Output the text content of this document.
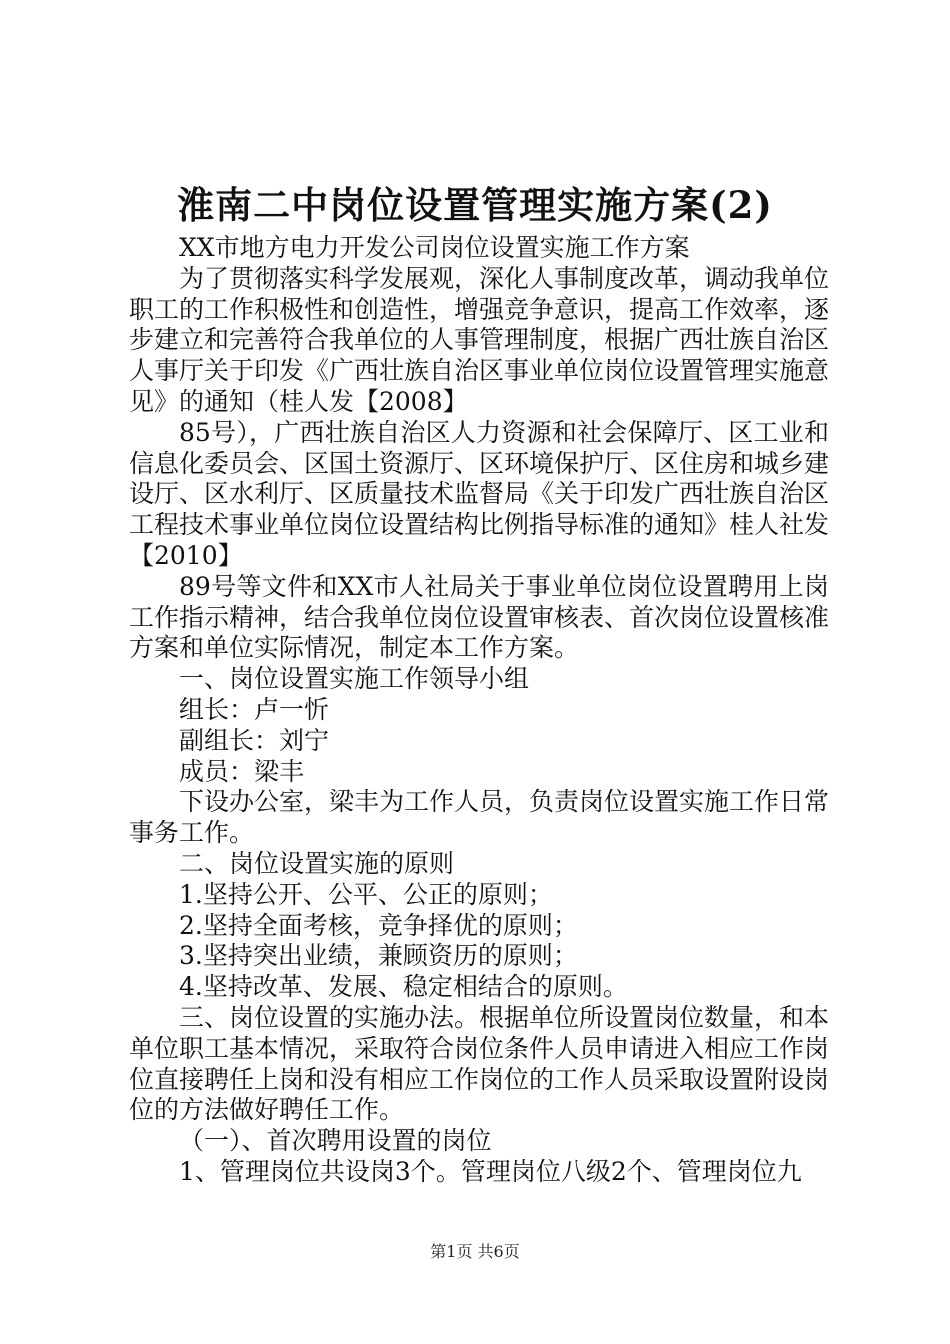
淮南二中岗位设置管理实施方案(2)

XX市地方电力开发公司岗位设置实施工作方案

为了贯彻落实科学发展观，深化人事制度改革，调动我单位职工的工作积极性和创造性，增强竞争意识，提高工作效率，逐步建立和完善符合我单位的人事管理制度，根据广西壮族自治区人事厅关于印发《广西壮族自治区事业单位岗位设置管理实施意见》的通知（桂人发【2008】

85号），广西壮族自治区人力资源和社会保障厅、区工业和信息化委员会、区国土资源厅、区环境保护厅、区住房和城乡建设厅、区水利厅、区质量技术监督局《关于印发广西壮族自治区工程技术事业单位岗位设置结构比例指导标准的通知》桂人社发【2010】

89号等文件和XX市人社局关于事业单位岗位设置聘用上岗工作指示精神，结合我单位岗位设置审核表、首次岗位设置核准方案和单位实际情况，制定本工作方案。

一、岗位设置实施工作领导小组

组长：卢一忻

副组长：刘宁

成员：梁丰

下设办公室，梁丰为工作人员，负责岗位设置实施工作日常事务工作。

二、岗位设置实施的原则

1.坚持公开、公平、公正的原则；

2.坚持全面考核，竞争择优的原则；

3.坚持突出业绩，兼顾资历的原则；

4.坚持改革、发展、稳定相结合的原则。

三、岗位设置的实施办法。根据单位所设置岗位数量，和本单位职工基本情况，采取符合岗位条件人员申请进入相应工作岗位直接聘任上岗和没有相应工作岗位的工作人员采取设置附设岗位的方法做好聘任工作。

（一）、首次聘用设置的岗位

1、管理岗位共设岗3个。管理岗位八级2个、管理岗位九

第1页 共6页
